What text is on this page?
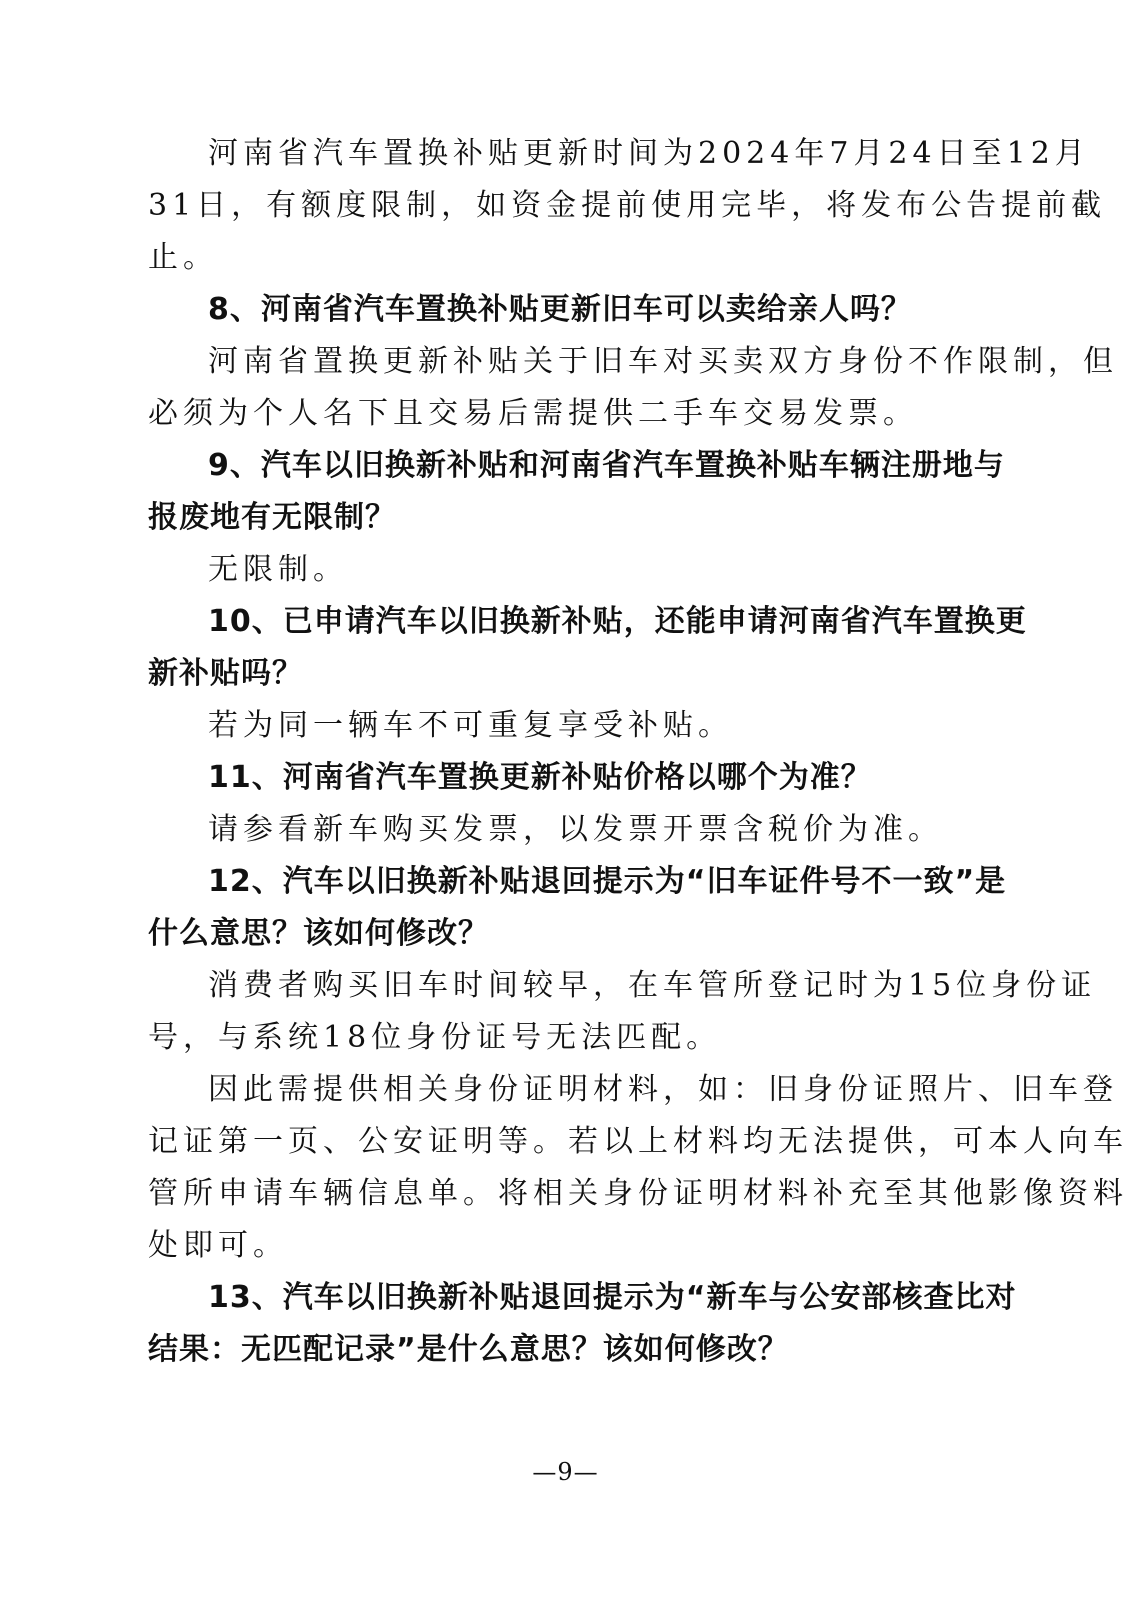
河南省汽车置换补贴更新时间为2024年7月24日至12月
31日，有额度限制，如资金提前使用完毕，将发布公告提前截
止。
8、河南省汽车置换补贴更新旧车可以卖给亲人吗？
河南省置换更新补贴关于旧车对买卖双方身份不作限制，但
必须为个人名下且交易后需提供二手车交易发票。
9、汽车以旧换新补贴和河南省汽车置换补贴车辆注册地与
报废地有无限制？
无限制。
10、已申请汽车以旧换新补贴，还能申请河南省汽车置换更
新补贴吗？
若为同一辆车不可重复享受补贴。
11、河南省汽车置换更新补贴价格以哪个为准？
请参看新车购买发票，以发票开票含税价为准。
12、汽车以旧换新补贴退回提示为“旧车证件号不一致”是
什么意思？该如何修改？
消费者购买旧车时间较早，在车管所登记时为15位身份证
号，与系统18位身份证号无法匹配。
因此需提供相关身份证明材料，如：旧身份证照片、旧车登
记证第一页、公安证明等。若以上材料均无法提供，可本人向车
管所申请车辆信息单。将相关身份证明材料补充至其他影像资料
处即可。
13、汽车以旧换新补贴退回提示为“新车与公安部核查比对
结果：无匹配记录”是什么意思？该如何修改？
—9—
